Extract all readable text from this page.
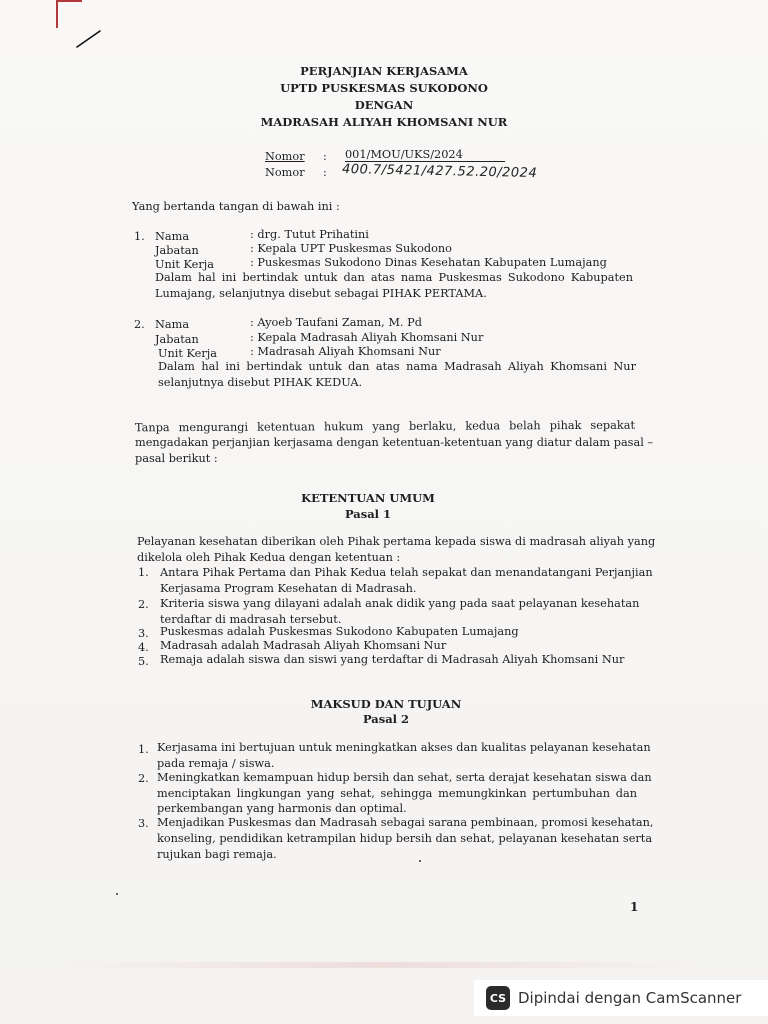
PERJANJIAN KERJASAMA
UPTD PUSKESMAS SUKODONO
DENGAN
MADRASAH ALIYAH KHOMSANI NUR
Nomor : 001/MOU/UKS/2024
Nomor : 400.7/5421/427.52.20/2024
Yang bertanda tangan di bawah ini :
1. Nama	: drg. Tutut Prihatini
Jabatan	: Kepala UPT Puskesmas Sukodono
Unit Kerja	: Puskesmas Sukodono Dinas Kesehatan Kabupaten Lumajang
Dalam hal ini bertindak untuk dan atas nama Puskesmas Sukodono Kabupaten
Lumajang, selanjutnya disebut sebagai PIHAK PERTAMA.
2. Nama	: Ayoeb Taufani Zaman, M. Pd
Jabatan	: Kepala Madrasah Aliyah Khomsani Nur
Unit Kerja	: Madrasah Aliyah Khomsani Nur
Dalam hal ini bertindak untuk dan atas nama Madrasah Aliyah Khomsani Nur
selanjutnya disebut PIHAK KEDUA.
Tanpa mengurangi ketentuan hukum yang berlaku, kedua belah pihak sepakat
mengadakan perjanjian kerjasama dengan ketentuan-ketentuan yang diatur dalam pasal –
pasal berikut :
KETENTUAN UMUM
Pasal 1
Pelayanan kesehatan diberikan oleh Pihak pertama kepada siswa di madrasah aliyah yang
dikelola oleh Pihak Kedua dengan ketentuan :
1. Antara Pihak Pertama dan Pihak Kedua telah sepakat dan menandatangani Perjanjian
Kerjasama Program Kesehatan di Madrasah.
2. Kriteria siswa yang dilayani adalah anak didik yang pada saat pelayanan kesehatan
terdaftar di madrasah tersebut.
3. Puskesmas adalah Puskesmas Sukodono Kabupaten Lumajang
4. Madrasah adalah Madrasah Aliyah Khomsani Nur
5. Remaja adalah siswa dan siswi yang terdaftar di Madrasah Aliyah Khomsani Nur
MAKSUD DAN TUJUAN
Pasal 2
1. Kerjasama ini bertujuan untuk meningkatkan akses dan kualitas pelayanan kesehatan
pada remaja / siswa.
2. Meningkatkan kemampuan hidup bersih dan sehat, serta derajat kesehatan siswa dan
menciptakan lingkungan yang sehat, sehingga memungkinkan pertumbuhan dan
perkembangan yang harmonis dan optimal.
3. Menjadikan Puskesmas dan Madrasah sebagai sarana pembinaan, promosi kesehatan,
konseling, pendidikan ketrampilan hidup bersih dan sehat, pelayanan kesehatan serta
rujukan bagi remaja.
1
CS Dipindai dengan CamScanner
